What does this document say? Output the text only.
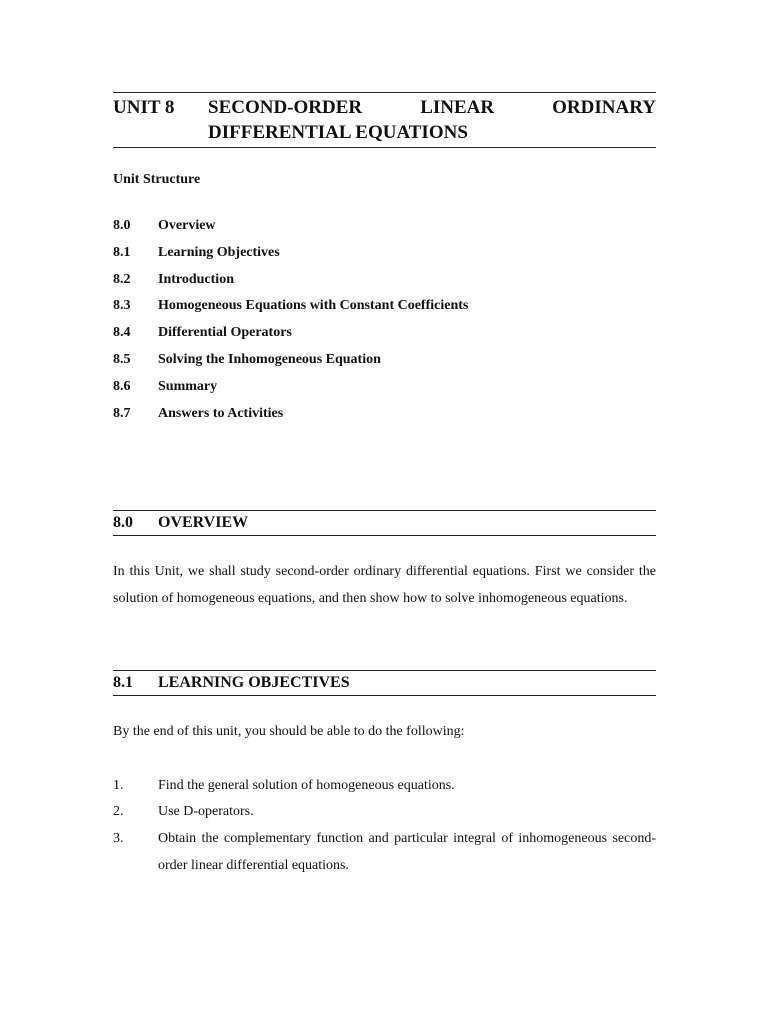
UNIT 8	SECOND-ORDER	LINEAR	ORDINARY
DIFFERENTIAL EQUATIONS
Unit Structure
8.0	Overview
8.1	Learning Objectives
8.2	Introduction
8.3	Homogeneous Equations with Constant Coefficients
8.4	Differential Operators
8.5	Solving the Inhomogeneous Equation
8.6	Summary
8.7	Answers to Activities
8.0	OVERVIEW

In this Unit, we shall study second-order ordinary differential equations. First we consider the solution of homogeneous equations, and then show how to solve inhomogeneous equations.

8.1	LEARNING OBJECTIVES

By the end of this unit, you should be able to do the following:

1.	Find the general solution of homogeneous equations.
2.	Use D-operators.
3.	Obtain the complementary function and particular integral of inhomogeneous second-order linear differential equations.
